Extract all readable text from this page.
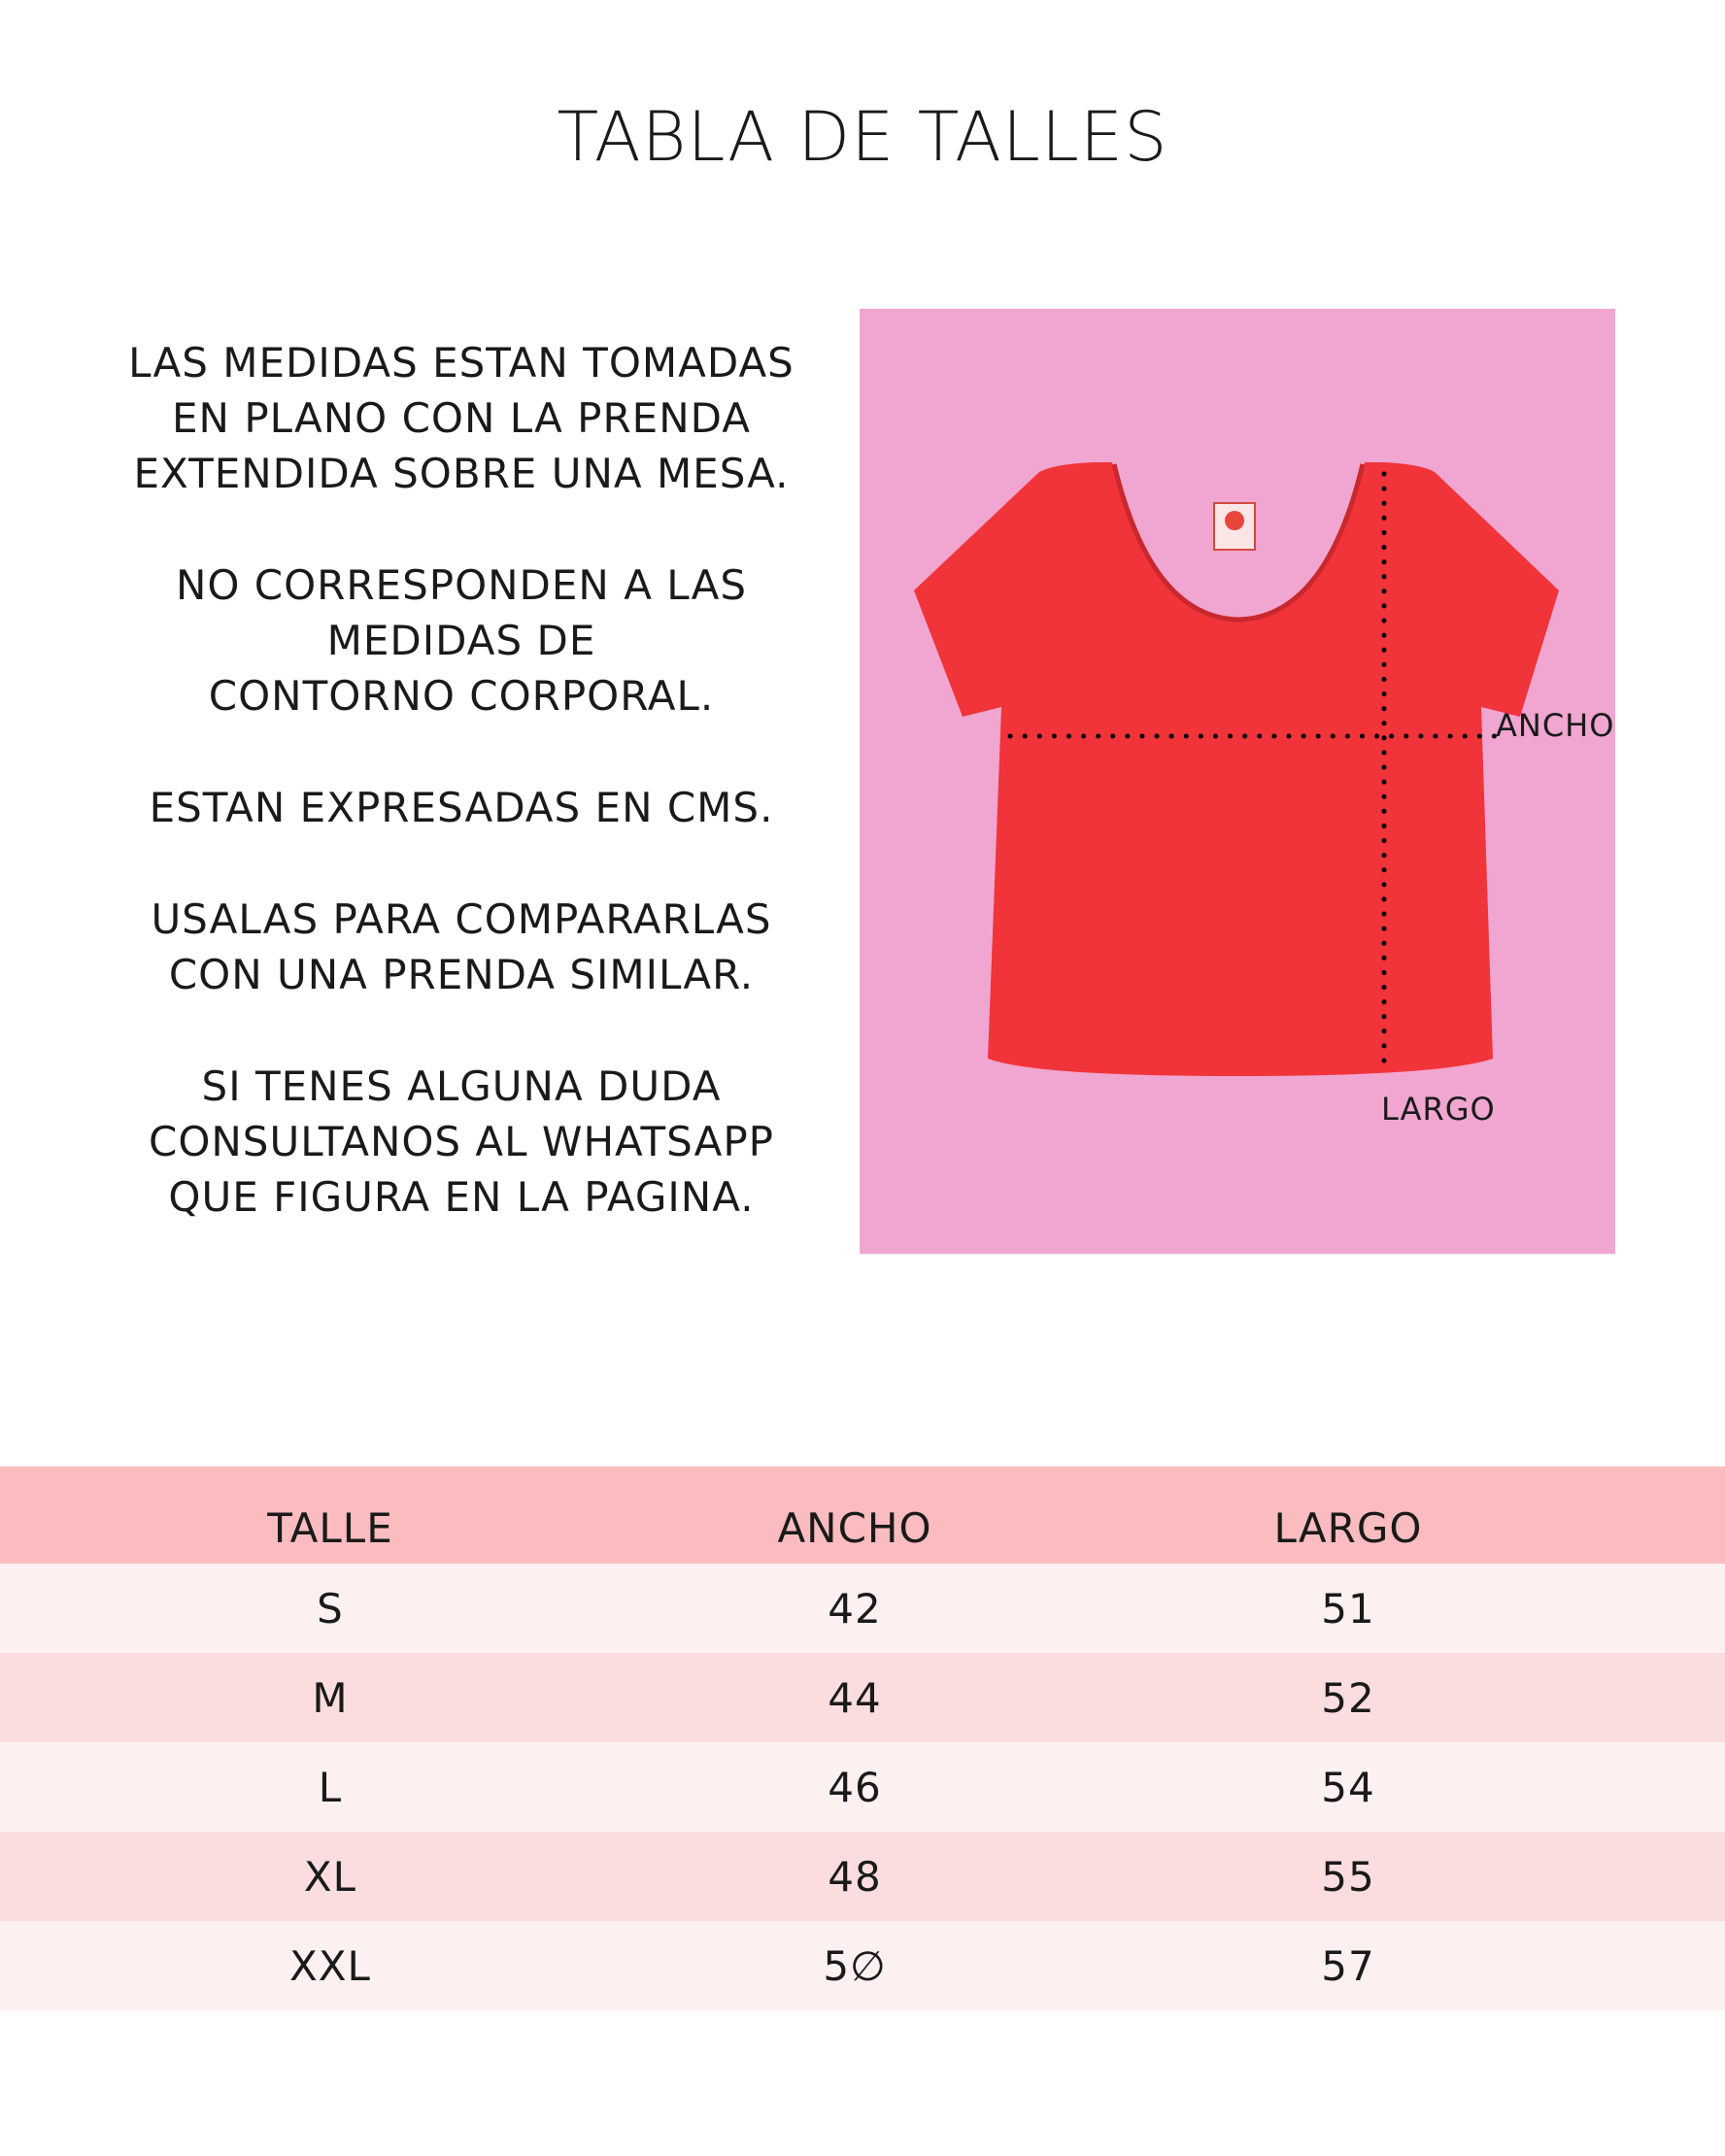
TABLA DE TALLES

LAS MEDIDAS ESTAN TOMADAS
EN PLANO CON LA PRENDA
EXTENDIDA SOBRE UNA MESA.

NO CORRESPONDEN A LAS
MEDIDAS DE
CONTORNO CORPORAL.

ESTAN EXPRESADAS EN CMS.

USALAS PARA COMPARARLAS
CON UNA PRENDA SIMILAR.

SI TENES ALGUNA DUDA
CONSULTANOS AL WHATSAPP
QUE FIGURA EN LA PAGINA.

ANCHO
LARGO
TALLE	ANCHO	LARGO
S	42	51
M	44	52
L	46	54
XL	48	55
XXL	5∅	57
